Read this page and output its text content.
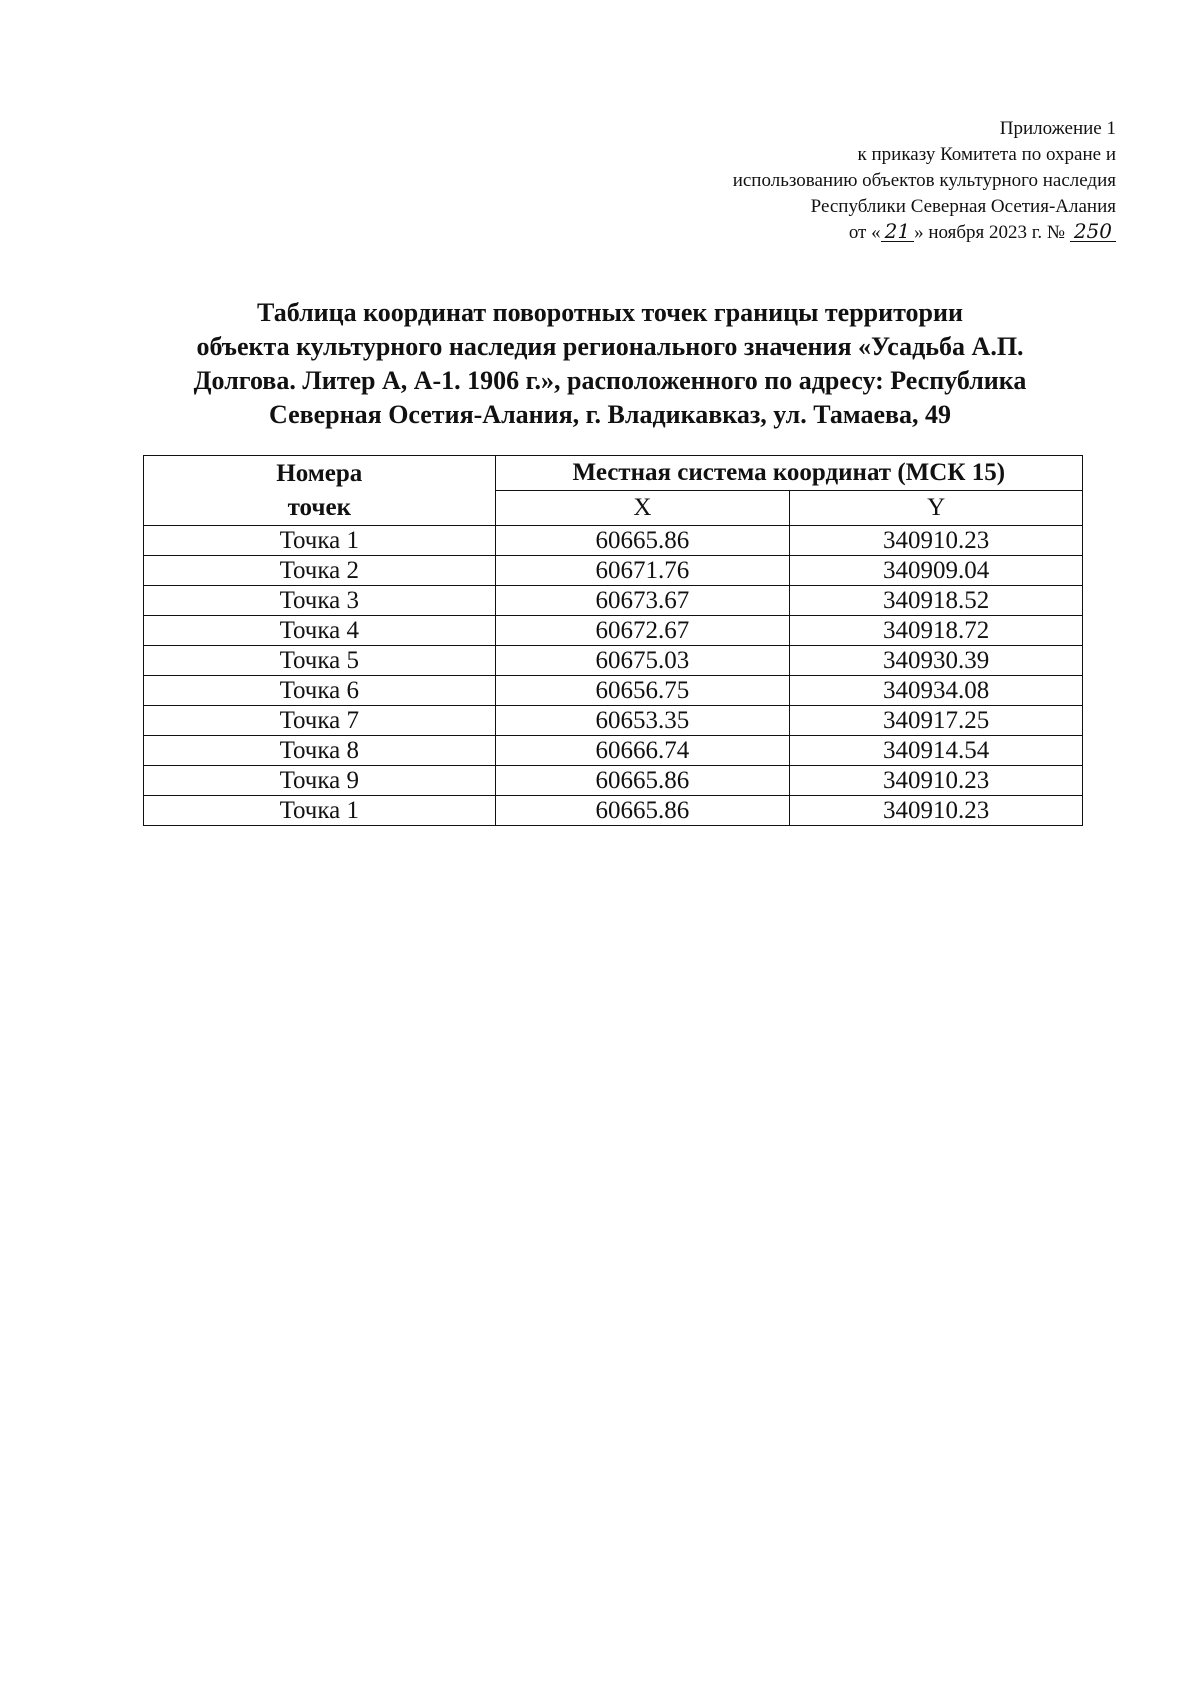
Приложение 1
к приказу Комитета по охране и
использованию объектов культурного наследия
Республики Северная Осетия-Алания
от « 21 » ноября 2023 г. № 250
Таблица координат поворотных точек границы территории
объекта культурного наследия регионального значения «Усадьба А.П.
Долгова. Литер А, А-1. 1906 г.», расположенного по адресу: Республика
Северная Осетия-Алания, г. Владикавказ, ул. Тамаева, 49
Номера
точек	Местная система координат (МСК 15)	
	X	Y
Точка 1	60665.86	340910.23
Точка 2	60671.76	340909.04
Точка 3	60673.67	340918.52
Точка 4	60672.67	340918.72
Точка 5	60675.03	340930.39
Точка 6	60656.75	340934.08
Точка 7	60653.35	340917.25
Точка 8	60666.74	340914.54
Точка 9	60665.86	340910.23
Точка 1	60665.86	340910.23
